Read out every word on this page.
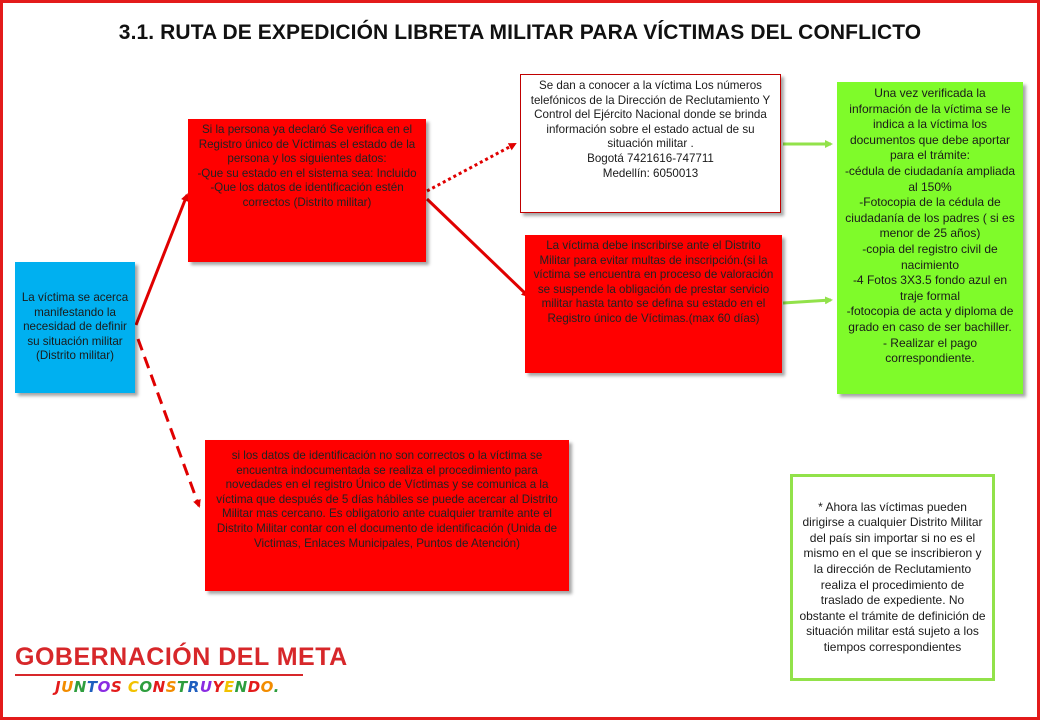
3.1. RUTA DE EXPEDICIÓN LIBRETA MILITAR PARA VÍCTIMAS DEL CONFLICTO
La víctima se acerca manifestando la necesidad de definir su situación militar (Distrito militar)
Si la persona ya declaró Se verifica en el Registro único de Víctimas el estado de la persona y los siguientes datos:
-Que su estado en el sistema sea: Incluido
-Que los datos de identificación estén correctos (Distrito militar)
Se dan a conocer a la víctima Los números telefónicos de la Dirección de Reclutamiento Y Control del Ejército Nacional donde se brinda información sobre el estado actual de su situación militar .
Bogotá 7421616-747711
Medellín: 6050013
La víctima debe inscribirse ante el Distrito Militar para evitar multas de inscripción.(si la víctima se encuentra en proceso de valoración se suspende la obligación de prestar servicio militar hasta tanto se defina su estado en el Registro único de Víctimas.(max 60 días)
Una vez verificada la información de la víctima se le indica a la víctima los documentos que debe aportar para el trámite:
-cédula de ciudadanía ampliada al 150%
-Fotocopia de la cédula de ciudadanía de los padres ( si es menor de 25 años)
-copia del registro civil de nacimiento
-4 Fotos 3X3.5 fondo azul en traje formal
-fotocopia de acta y diploma de grado en caso de ser bachiller.
- Realizar el pago correspondiente.
si los datos de identificación no son correctos o la víctima se encuentra indocumentada se realiza el procedimiento para novedades en el registro Único de Víctimas y se comunica a la víctima que después de 5 días hábiles se puede acercar al Distrito Militar mas cercano. Es obligatorio ante cualquier tramite ante el Distrito Militar contar con el documento de identificación (Unida de Victimas, Enlaces Municipales, Puntos de Atención)
* Ahora las víctimas pueden dirigirse a cualquier Distrito Militar del país sin importar si no es el mismo en el que se inscribieron y la dirección de Reclutamiento realiza el procedimiento de traslado de expediente. No obstante el trámite de definición de situación militar está sujeto a los tiempos correspondientes
GOBERNACIÓN DEL META
JUNTOS CONSTRUYENDO.
